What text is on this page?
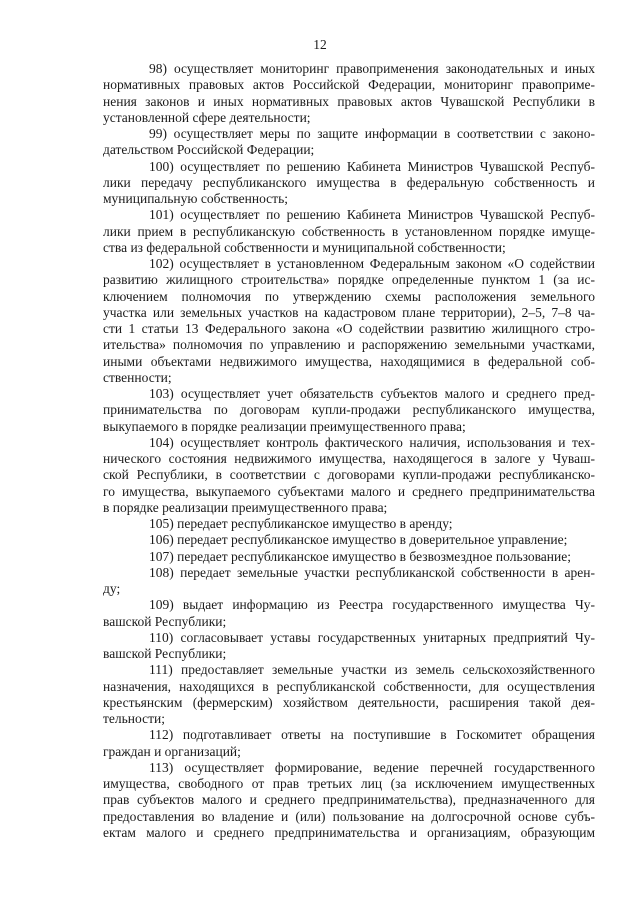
12
98) осуществляет мониторинг правоприменения законодательных и иных
нормативных правовых актов Российской Федерации, мониторинг правоприме-
нения законов и иных нормативных правовых актов Чувашской Республики в
установленной сфере деятельности;
99) осуществляет меры по защите информации в соответствии с законо-
дательством Российской Федерации;
100) осуществляет по решению Кабинета Министров Чувашской Респуб-
лики передачу республиканского имущества в федеральную собственность и
муниципальную собственность;
101) осуществляет по решению Кабинета Министров Чувашской Респуб-
лики прием в республиканскую собственность в установленном порядке имуще-
ства из федеральной собственности и муниципальной собственности;
102) осуществляет в установленном Федеральным законом «О содействии
развитию жилищного строительства» порядке определенные пунктом 1 (за ис-
ключением полномочия по утверждению схемы расположения земельного
участка или земельных участков на кадастровом плане территории), 2–5, 7–8 ча-
сти 1 статьи 13 Федерального закона «О содействии развитию жилищного стро-
ительства» полномочия по управлению и распоряжению земельными участками,
иными объектами недвижимого имущества, находящимися в федеральной соб-
ственности;
103) осуществляет учет обязательств субъектов малого и среднего пред-
принимательства по договорам купли-продажи республиканского имущества,
выкупаемого в порядке реализации преимущественного права;
104) осуществляет контроль фактического наличия, использования и тех-
нического состояния недвижимого имущества, находящегося в залоге у Чуваш-
ской Республики, в соответствии с договорами купли-продажи республиканско-
го имущества, выкупаемого субъектами малого и среднего предпринимательства
в порядке реализации преимущественного права;
105) передает республиканское имущество в аренду;
106) передает республиканское имущество в доверительное управление;
107) передает республиканское имущество в безвозмездное пользование;
108) передает земельные участки республиканской собственности в арен-
ду;
109) выдает информацию из Реестра государственного имущества Чу-
вашской Республики;
110) согласовывает уставы государственных унитарных предприятий Чу-
вашской Республики;
111) предоставляет земельные участки из земель сельскохозяйственного
назначения, находящихся в республиканской собственности, для осуществления
крестьянским (фермерским) хозяйством деятельности, расширения такой дея-
тельности;
112) подготавливает ответы на поступившие в Госкомитет обращения
граждан и организаций;
113) осуществляет формирование, ведение перечней государственного
имущества, свободного от прав третьих лиц (за исключением имущественных
прав субъектов малого и среднего предпринимательства), предназначенного для
предоставления во владение и (или) пользование на долгосрочной основе субъ-
ектам малого и среднего предпринимательства и организациям, образующим
